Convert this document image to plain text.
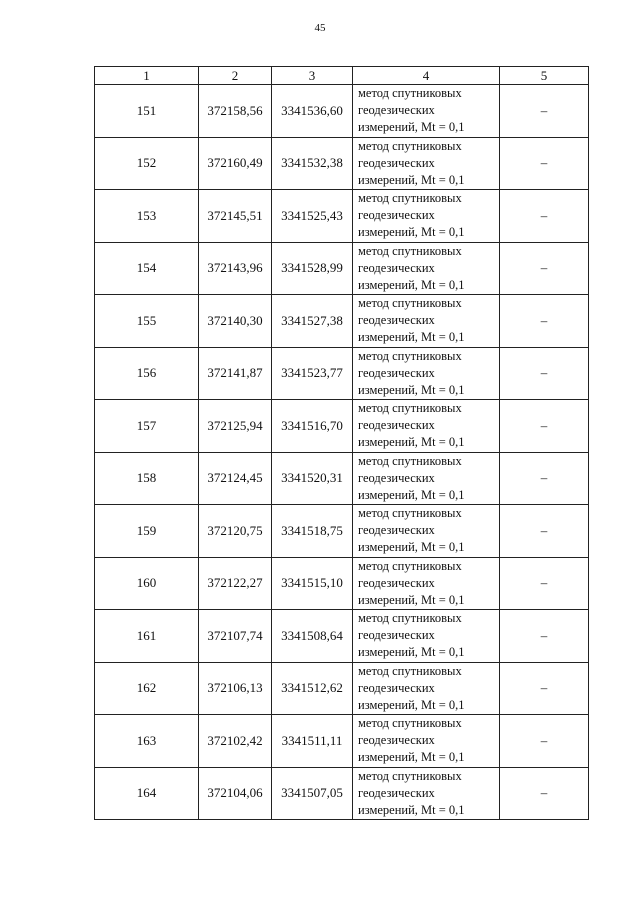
45
1	2	3	4	5
151	372158,56	3341536,60	метод спутниковых
геодезических
измерений, Mt = 0,1	–
152	372160,49	3341532,38	метод спутниковых
геодезических
измерений, Mt = 0,1	–
153	372145,51	3341525,43	метод спутниковых
геодезических
измерений, Mt = 0,1	–
154	372143,96	3341528,99	метод спутниковых
геодезических
измерений, Mt = 0,1	–
155	372140,30	3341527,38	метод спутниковых
геодезических
измерений, Mt = 0,1	–
156	372141,87	3341523,77	метод спутниковых
геодезических
измерений, Mt = 0,1	–
157	372125,94	3341516,70	метод спутниковых
геодезических
измерений, Mt = 0,1	–
158	372124,45	3341520,31	метод спутниковых
геодезических
измерений, Mt = 0,1	–
159	372120,75	3341518,75	метод спутниковых
геодезических
измерений, Mt = 0,1	–
160	372122,27	3341515,10	метод спутниковых
геодезических
измерений, Mt = 0,1	–
161	372107,74	3341508,64	метод спутниковых
геодезических
измерений, Mt = 0,1	–
162	372106,13	3341512,62	метод спутниковых
геодезических
измерений, Mt = 0,1	–
163	372102,42	3341511,11	метод спутниковых
геодезических
измерений, Mt = 0,1	–
164	372104,06	3341507,05	метод спутниковых
геодезических
измерений, Mt = 0,1	–
